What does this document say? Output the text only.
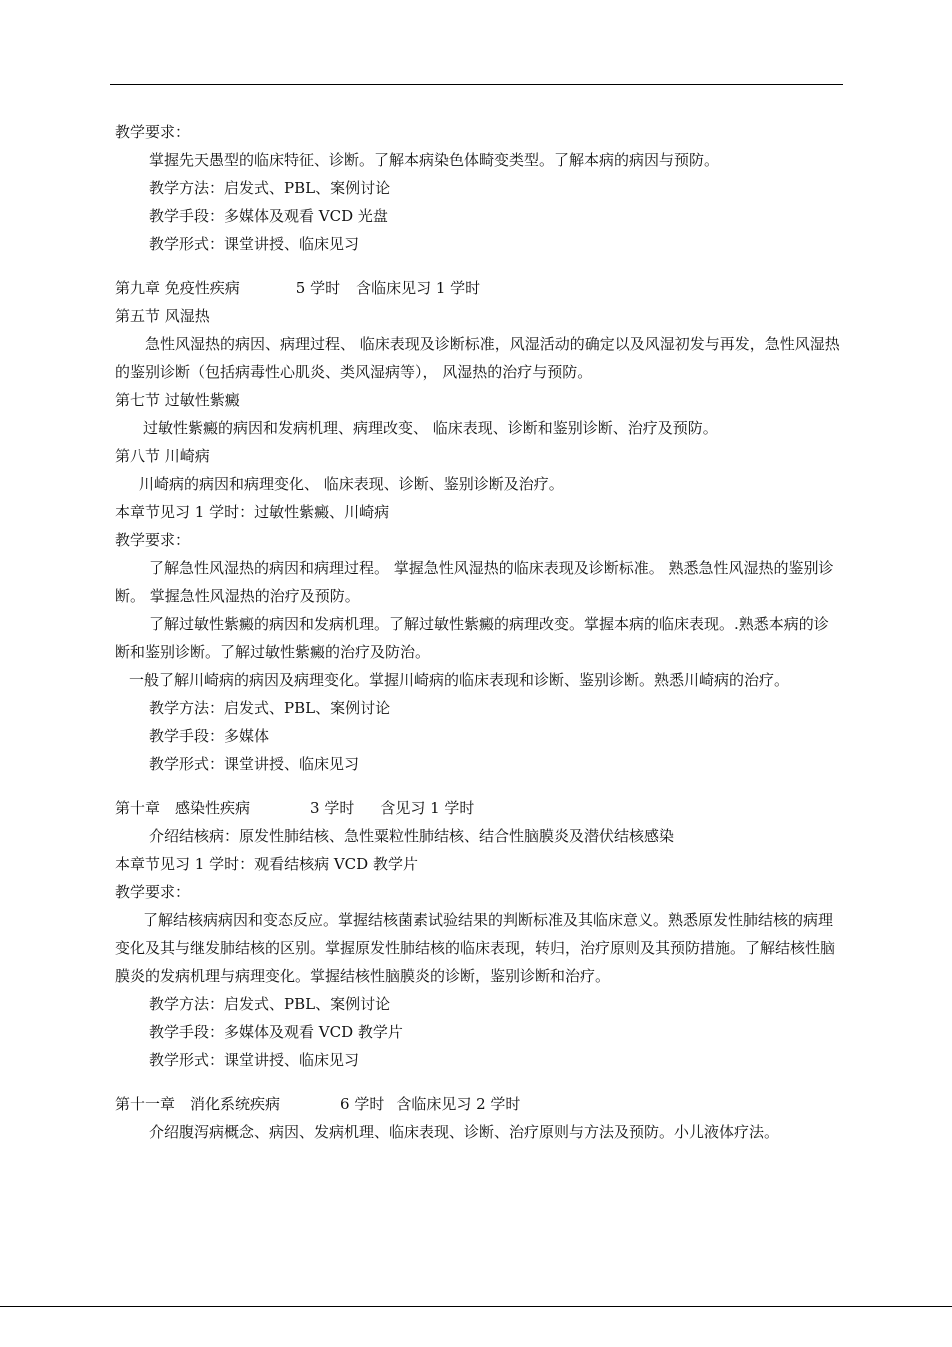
教学要求：

掌握先天愚型的临床特征、诊断。了解本病染色体畸变类型。了解本病的病因与预防。

教学方法：启发式、PBL、案例讨论

教学手段：多媒体及观看 VCD 光盘

教学形式：课堂讲授、临床见习

第九章 免疫性疾病	5 学时 含临床见习 1 学时

第五节 风湿热

急性风湿热的病因、病理过程、 临床表现及诊断标准，风湿活动的确定以及风湿初发与再发，急性风湿热的鉴别诊断（包括病毒性心肌炎、类风湿病等）， 风湿热的治疗与预防。

第七节 过敏性紫癜

过敏性紫癜的病因和发病机理、病理改变、 临床表现、诊断和鉴别诊断、治疗及预防。

第八节 川崎病

川崎病的病因和病理变化、 临床表现、诊断、鉴别诊断及治疗。

本章节见习 1 学时：过敏性紫癜、川崎病

教学要求：

了解急性风湿热的病因和病理过程。 掌握急性风湿热的临床表现及诊断标准。 熟悉急性风湿热的鉴别诊断。 掌握急性风湿热的治疗及预防。

了解过敏性紫癜的病因和发病机理。了解过敏性紫癜的病理改变。掌握本病的临床表现。.熟悉本病的诊断和鉴别诊断。了解过敏性紫癜的治疗及防治。

一般了解川崎病的病因及病理变化。掌握川崎病的临床表现和诊断、鉴别诊断。熟悉川崎病的治疗。

教学方法：启发式、PBL、案例讨论

教学手段：多媒体

教学形式：课堂讲授、临床见习

第十章　感染性疾病	3 学时 含见习 1 学时

介绍结核病：原发性肺结核、急性粟粒性肺结核、结合性脑膜炎及潜伏结核感染

本章节见习 1 学时：观看结核病 VCD 教学片

教学要求：

了解结核病病因和变态反应。掌握结核菌素试验结果的判断标准及其临床意义。熟悉原发性肺结核的病理变化及其与继发肺结核的区别。掌握原发性肺结核的临床表现，转归，治疗原则及其预防措施。了解结核性脑膜炎的发病机理与病理变化。掌握结核性脑膜炎的诊断，鉴别诊断和治疗。

教学方法：启发式、PBL、案例讨论

教学手段：多媒体及观看 VCD 教学片

教学形式：课堂讲授、临床见习

第十一章　消化系统疾病	6 学时 含临床见习 2 学时

介绍腹泻病概念、病因、发病机理、临床表现、诊断、治疗原则与方法及预防。小儿液体疗法。
